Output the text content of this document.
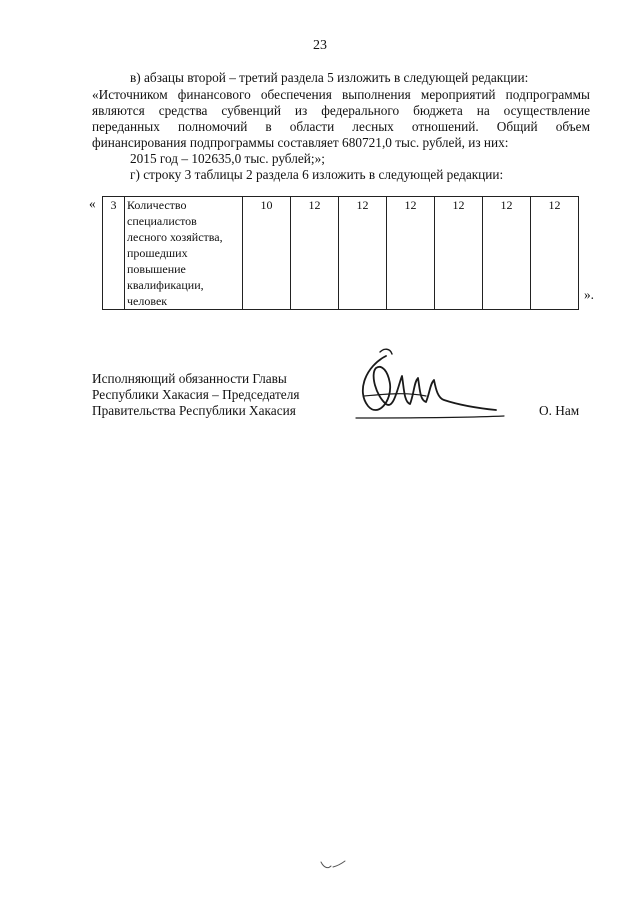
23
в) абзацы второй – третий раздела 5 изложить в следующей редакции:
«Источником финансового обеспечения выполнения мероприятий подпрограммы
являются средства субвенций из федерального бюджета на осуществление
переданных полномочий в области лесных отношений. Общий объем
финансирования подпрограммы составляет 680721,0 тыс. рублей, из них:
2015 год – 102635,0 тыс. рублей;»;
г) строку 3 таблицы 2 раздела 6 изложить в следующей редакции:
« 3	Количество
специалистов
лесного хозяйства,
прошедших
повышение
квалификации,
человек	10	12	12	12	12	12	12
».
Исполняющий обязанности Главы
Республики Хакасия – Председателя
Правительства Республики Хакасия	О. Нам
